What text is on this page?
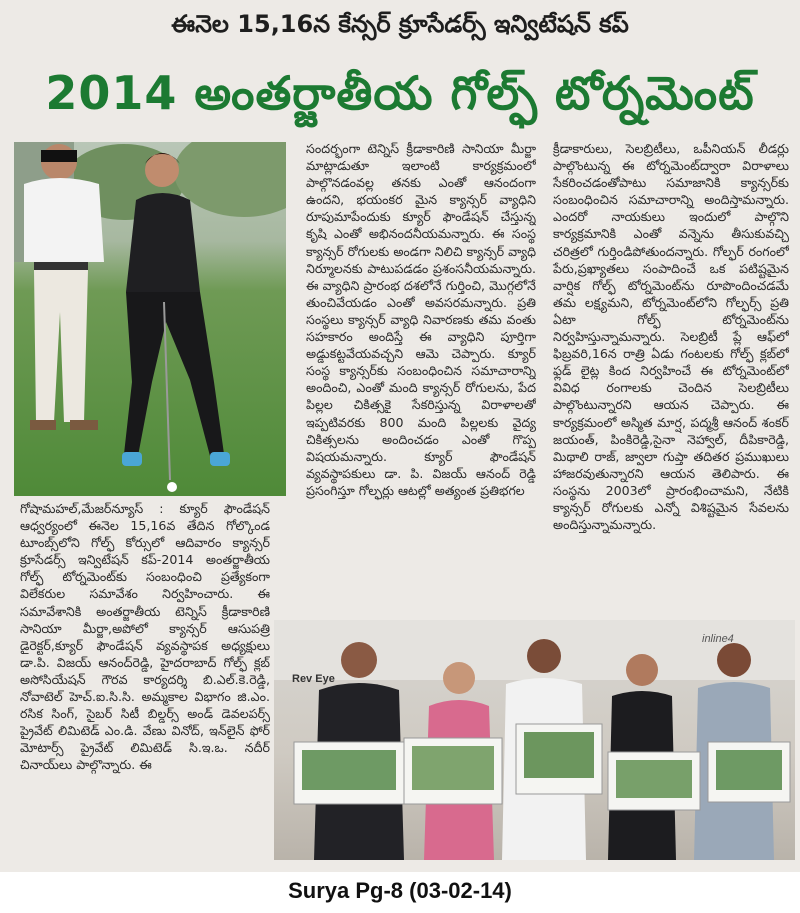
ఈనెల 15,16న కేన్సర్ క్రూసేడర్స్ ఇన్విటేషన్ కప్
2014 అంతర్జాతీయ గోల్ఫ్ టోర్నమెంట్
సందర్భంగా టెన్నిస్ క్రీడాకారిణి సానియా మీర్జా మాట్లాడుతూ ఇలాంటి కార్యక్రమంలో పాల్గొనడంవల్ల తనకు ఎంతో ఆనందంగా ఉందని, భయంకర మైన క్యాన్సర్ వ్యాధిని రూపుమాపేందుకు క్యూర్ ఫౌండేషన్ చేస్తున్న కృషి ఎంతో అభినందనీయమన్నారు. ఈ సంస్థ క్యాన్సర్ రోగులకు అండగా నిలిచి క్యాన్సర్ వ్యాధి నిర్మూలనకు పాటుపడడం ప్రశంసనీయమన్నారు. ఈ వ్యాధిని ప్రారంభ దశలోనే గుర్తించి, మొగ్గలోనే తుంచివేయడం ఎంతో అవసరమన్నారు. ప్రతి సంస్థలు క్యాన్సర్ వ్యాధి నివారణకు తమ వంతు సహకారం అందిస్తే ఈ వ్యాధిని పూర్తిగా అడ్డుకట్టవేయవచ్చని ఆమె చెప్పారు. క్యూర్ సంస్థ క్యాన్సర్‌కు సంబంధించిన సమాచారాన్ని అందించి, ఎంతో మంది క్యాన్సర్ రోగులను, పేద పిల్లల చికిత్సకై సేకరిస్తున్న విరాళాలతో ఇప్పటివరకు 800 మంది పిల్లలకు వైద్య చికిత్సలను అందించడం ఎంతో గొప్ప విషయమన్నారు. క్యూర్ ఫౌండేషన్ వ్యవస్థాపకులు డా. పి. విజయ్ ఆనంద్ రెడ్డి ప్రసంగిస్తూ గోల్ఫర్లు ఆటల్లో అత్యంత ప్రతిభగల
క్రీడాకారులు, సెలబ్రిటీలు, ఒపీనియన్ లీడర్లు పాల్గొంటున్న ఈ టోర్నమెంట్‌ద్వారా విరాళాలు సేకరించడంతోపాటు సమాజానికి క్యాన్సర్‌కు సంబంధించిన సమాచారాన్ని అందిస్తామన్నారు. ఎందరో నాయకులు ఇందులో పాల్గొని కార్యక్రమానికి ఎంతో వన్నెను తీసుకువచ్చి చరిత్రలో గుర్తిండిపోతుందన్నారు. గోల్ఫర్ రంగంలో పేరు,ప్రఖ్యాతలు సంపాదించే ఒక పటిష్టమైన వార్షిక గోల్ఫ్ టోర్నమెంట్‌ను రూపొందించడమే తమ లక్ష్యమని, టోర్నమెంట్‌లోని గోల్ఫర్స్ ప్రతి ఏటా గోల్ఫ్ టోర్నమెంట్‌ను నిర్వహిస్తున్నామన్నారు. సెలబ్రిటీ ప్లే ఆఫ్‌లో ఫిబ్రవరి,16న రాత్రి ఏడు గంటలకు గోల్ఫ్ క్లబ్‌లో ఫ్లడ్ లైట్ల కింద నిర్వహించే ఈ టోర్నమెంట్‌లో వివిధ రంగాలకు చెందిన సెలబ్రిటీలు పాల్గొంటున్నారని ఆయన చెప్పారు. ఈ కార్యక్రమంలో అస్మిత మార్ష, పద్మశ్రీ ఆనంద్ శంకర్ జయంత్, పింకిరెడ్డి,సైనా నెహ్వాల్, దీపికారెడ్డి, మిథాలి రాజ్, జ్వాలా గుప్తా తదితర ప్రముఖులు హాజరవుతున్నారని ఆయన తెలిపారు. ఈ సంస్థను 2003లో ప్రారంభించామని, నేటికి క్యాన్సర్ రోగులకు ఎన్నో విశిష్టమైన సేవలను అందిస్తున్నామన్నారు.
గోషామహల్,మేజర్‌న్యూస్ : క్యూర్ ఫౌండేషన్ ఆధ్వర్యంలో ఈనెల 15,16వ తేదిన గోల్కొండ టూంబ్స్‌లోని గోల్ఫ్ కోర్సులో ఆదివారం క్యాన్సర్ క్రూసేడర్స్ ఇన్విటేషన్ కప్-2014 అంతర్జాతీయ గోల్ఫ్ టోర్నమెంట్‌కు సంబంధించి ప్రత్యేకంగా విలేకరుల సమావేశం నిర్వహించారు. ఈ సమావేశానికి అంతర్జాతీయ టెన్నిస్ క్రీడాకారిణి సానియా మీర్జా,అపోలో క్యాన్సర్ ఆసుపత్రి డైరెక్టర్,క్యూర్ ఫౌండేషన్ వ్యవస్థాపక అధ్యక్షులు డా.పి. విజయ్ ఆనంద్‌రెడ్డి, హైదరాబాద్ గోల్ఫ్ క్లబ్ అసోసియేషన్ గౌరవ కార్యదర్శి బి.ఎల్.కె.రెడ్డి, నోవాటెల్ హెచ్.ఐ.సి.సి. అమ్మకాల విభాగం జి.ఎం. రసిక సింగ్, సైబర్ సిటీ బిల్డర్స్ అండ్ డెవలపర్స్ ప్రైవేట్ లిమిటెడ్ ఎం.డి. వేణు వినోద్, ఇన్‌లైన్ ఫోర్ మోటార్స్ ప్రైవేట్ లిమిటెడ్ సి.ఇ.ఒ. నదీర్ చినాయ్‌లు పాల్గొన్నారు. ఈ
Rev Eye
inline4
Surya Pg-8 (03-02-14)
